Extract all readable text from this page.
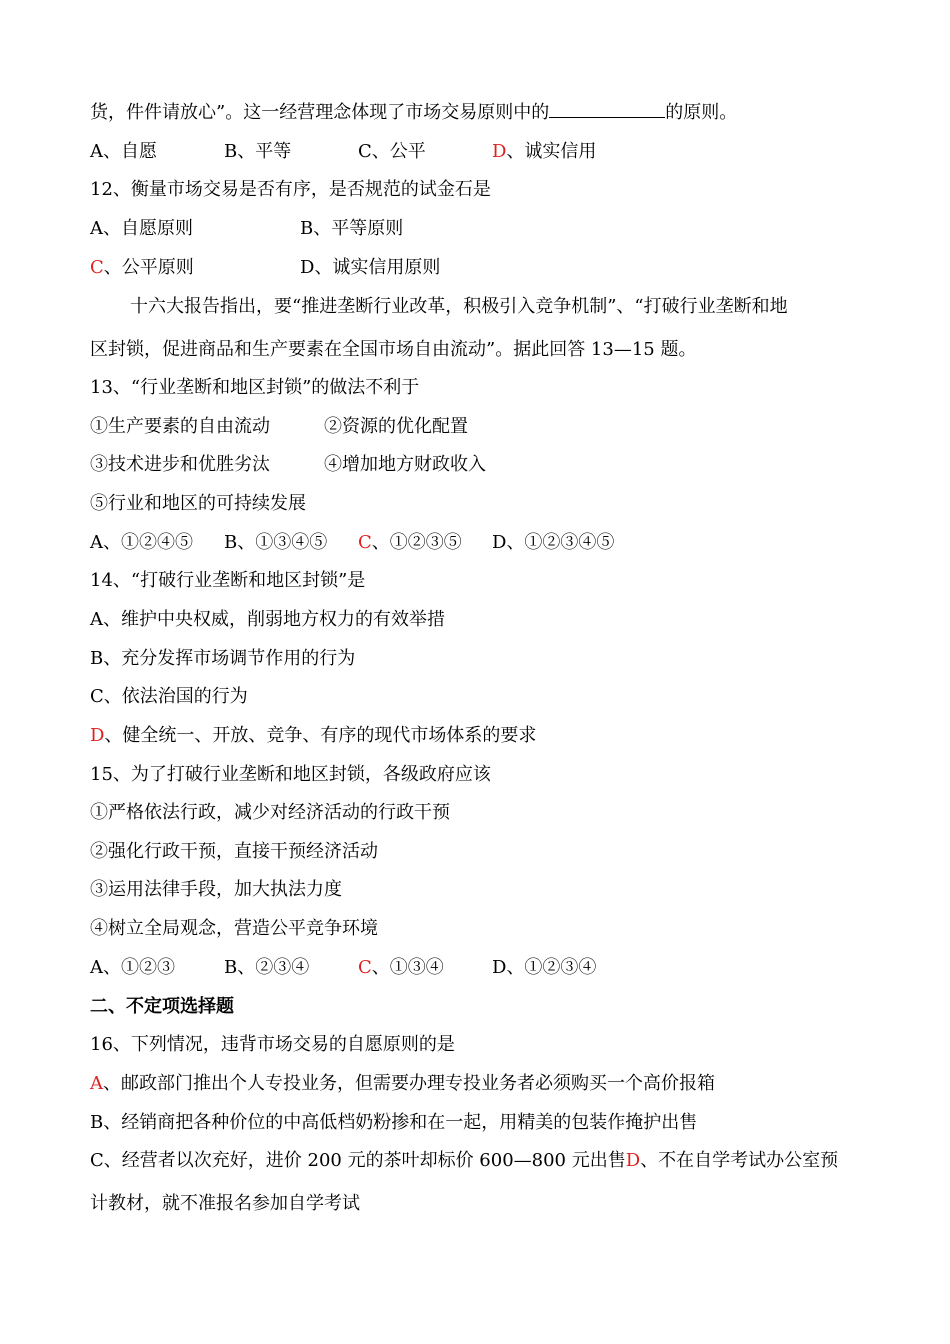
货，件件请放心”。这一经营理念体现了市场交易原则中的	的原则。
A、自愿	B、平等	C、公平	D、诚实信用
12、衡量市场交易是否有序，是否规范的试金石是
A、自愿原则	B、平等原则
C、公平原则	D、诚实信用原则
十六大报告指出，要“推进垄断行业改革，积极引入竞争机制”、“打破行业垄断和地
区封锁，促进商品和生产要素在全国市场自由流动”。据此回答 13—15 题。
13、“行业垄断和地区封锁”的做法不利于
①生产要素的自由流动	②资源的优化配置
③技术进步和优胜劣汰	④增加地方财政收入
⑤行业和地区的可持续发展
A、①②④⑤ B、①③④⑤ C、①②③⑤ D、①②③④⑤
14、“打破行业垄断和地区封锁”是
A、维护中央权威，削弱地方权力的有效举措
B、充分发挥市场调节作用的行为
C、依法治国的行为
D、健全统一、开放、竞争、有序的现代市场体系的要求
15、为了打破行业垄断和地区封锁，各级政府应该
①严格依法行政，减少对经济活动的行政干预
②强化行政干预，直接干预经济活动
③运用法律手段，加大执法力度
④树立全局观念，营造公平竞争环境
A、①②③	B、②③④	C、①③④	D、①②③④
二、不定项选择题
16、下列情况，违背市场交易的自愿原则的是
A、邮政部门推出个人专投业务，但需要办理专投业务者必须购买一个高价报箱
B、经销商把各种价位的中高低档奶粉掺和在一起，用精美的包装作掩护出售
C、经营者以次充好，进价 200 元的茶叶却标价 600—800 元出售D、不在自学考试办公室预
计教材，就不准报名参加自学考试
